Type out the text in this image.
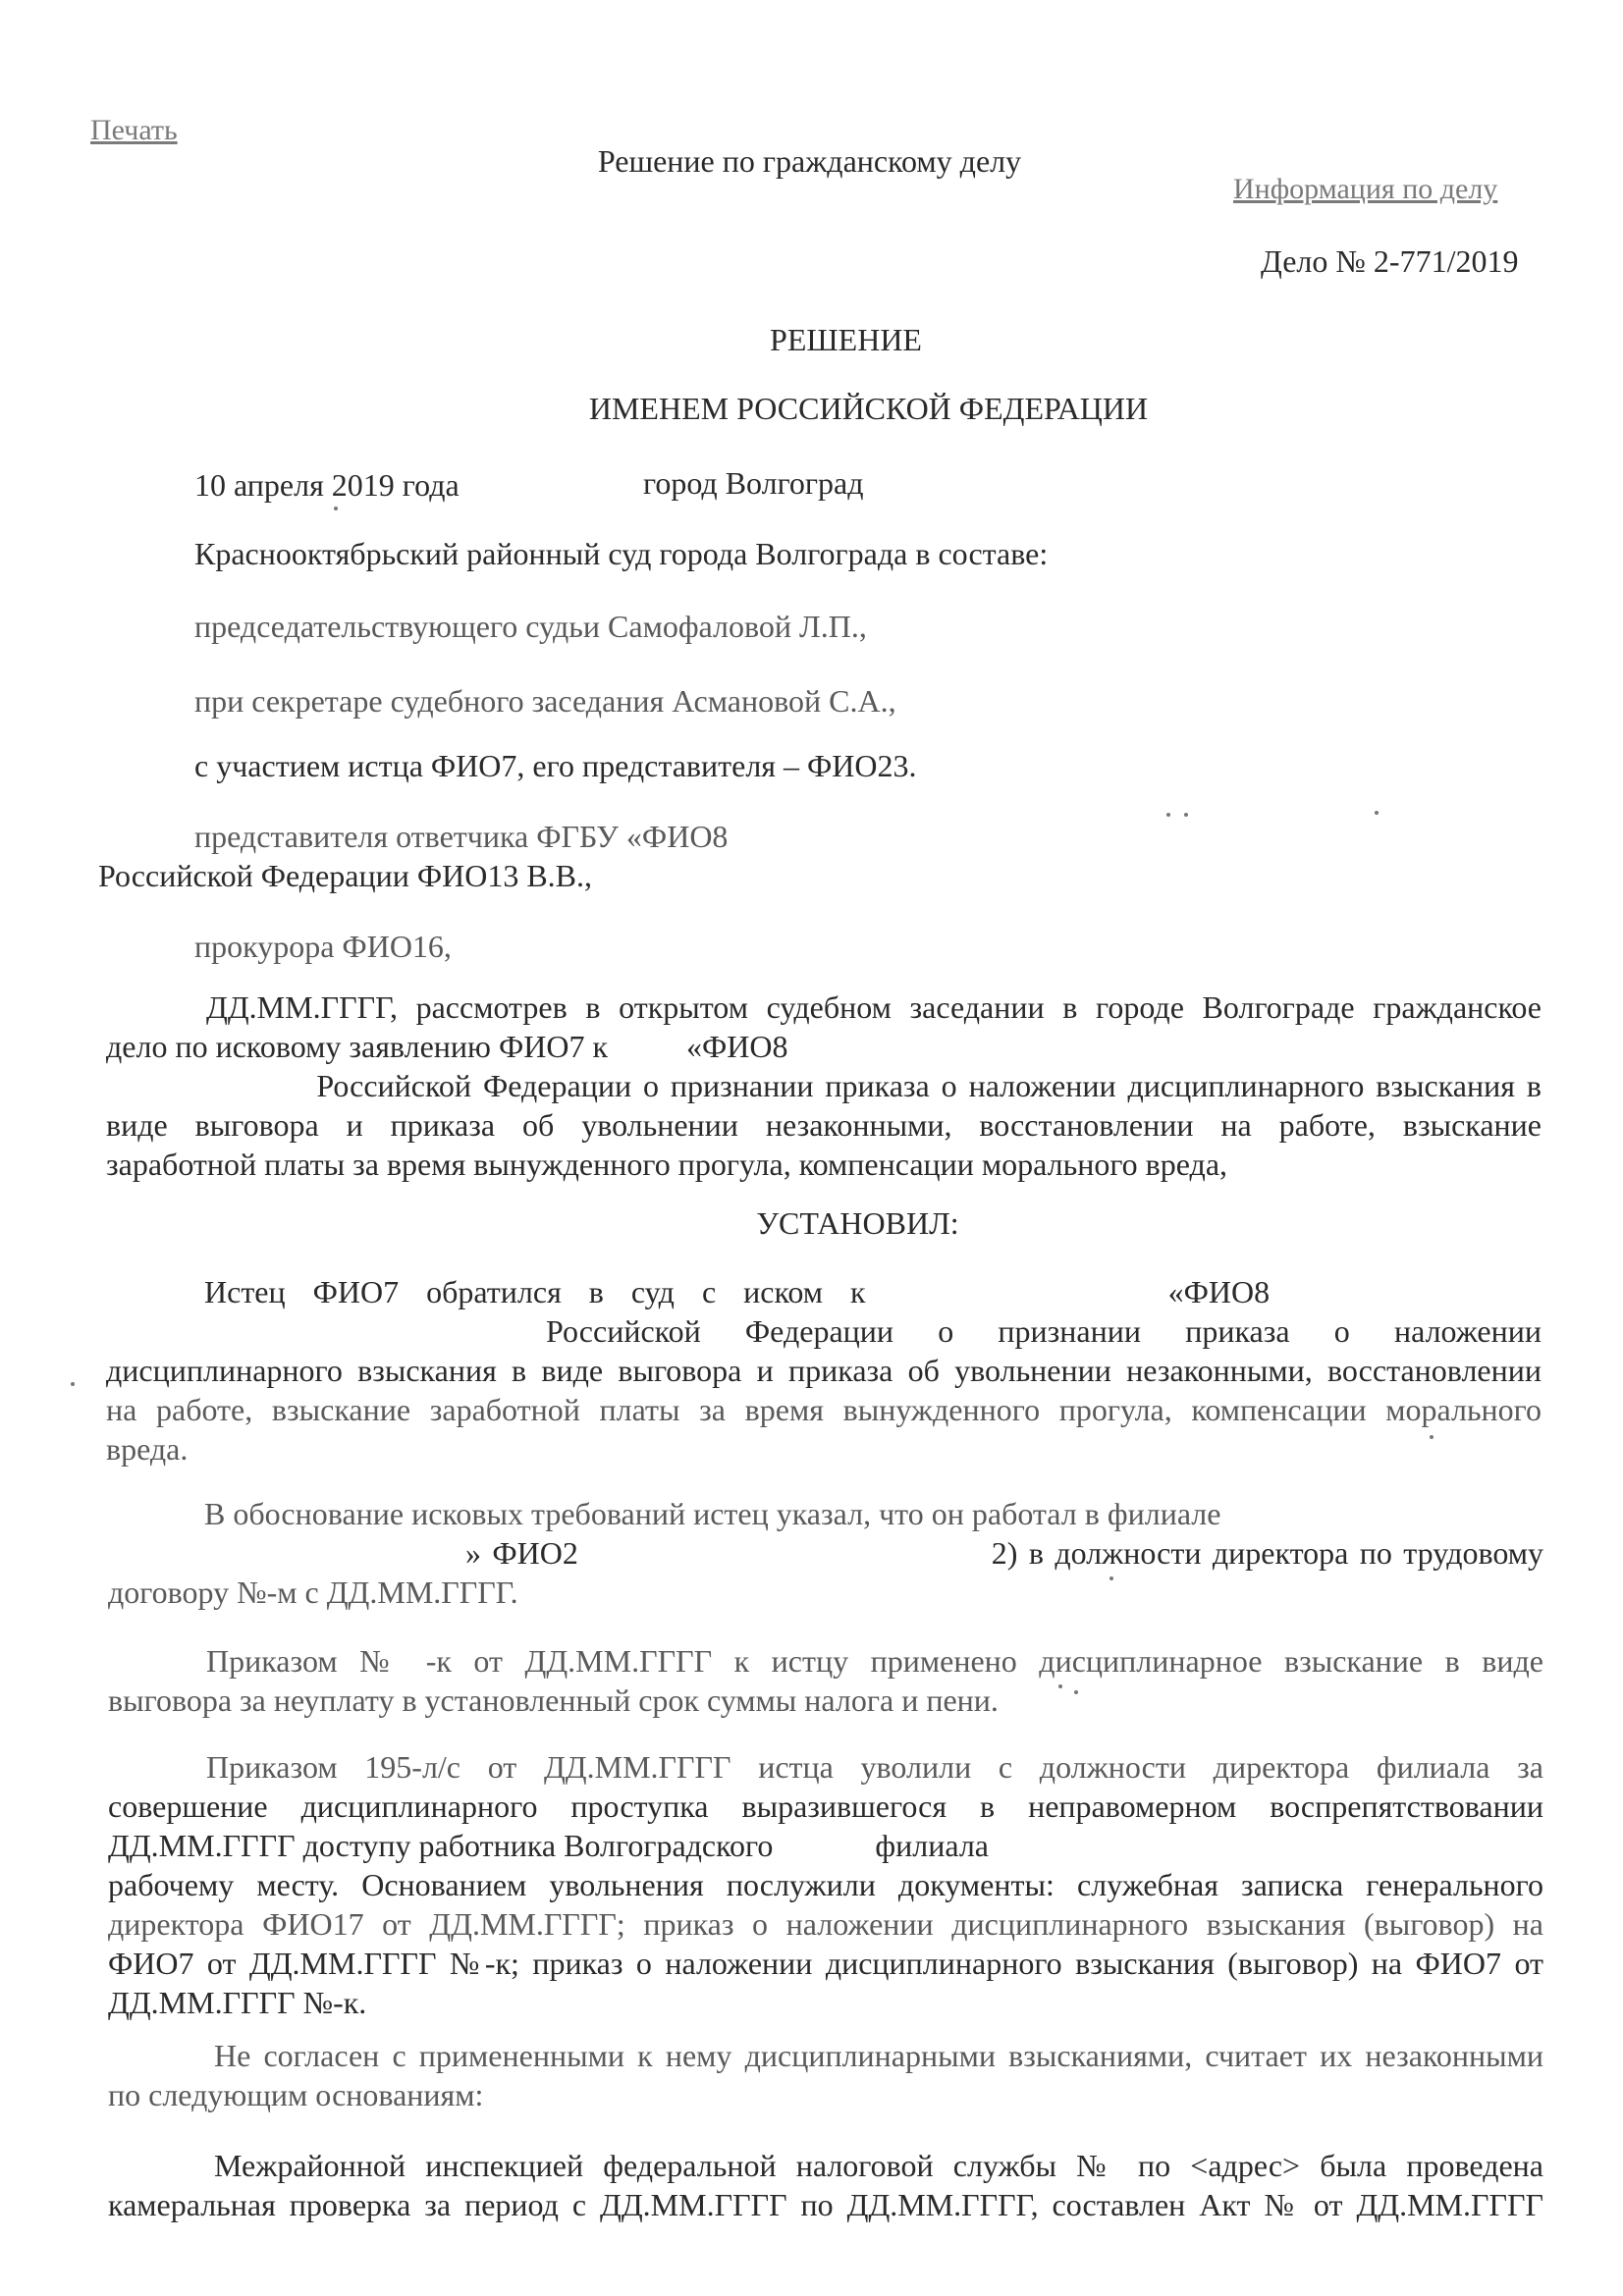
Печать
Решение по гражданскому делу
Информация по делу
Дело № 2-771/2019
РЕШЕНИЕ
ИМЕНЕМ РОССИЙСКОЙ ФЕДЕРАЦИИ
10 апреля 2019 года	город Волгоград
Краснооктябрьский районный суд города Волгограда в составе:
председательствующего судьи Самофаловой Л.П.,
при секретаре судебного заседания Асмановой С.А.,
с участием истца ФИО7, его представителя – ФИО23.
представителя ответчика ФГБУ «ФИО8
Российской Федерации ФИО13 В.В.,
прокурора ФИО16,
ДД.ММ.ГГГГ, рассмотрев в открытом судебном заседании в городе Волгограде гражданское
дело по исковому заявлению ФИО7 к          «ФИО8
Российской Федерации о признании приказа о наложении дисциплинарного взыскания в
виде выговора и приказа об увольнении незаконными, восстановлении на работе, взыскание
заработной платы за время вынужденного прогула, компенсации морального вреда,
УСТАНОВИЛ:
Истец ФИО7 обратился в суд с иском к           «ФИО8
Российской Федерации о признании приказа о наложении
дисциплинарного взыскания в виде выговора и приказа об увольнении незаконными, восстановлении
на работе, взыскание заработной платы за время вынужденного прогула, компенсации морального
вреда.
В обоснование исковых требований истец указал, что он работал в филиале
» ФИО2                                     2) в должности директора по трудовому
договору №-м с ДД.ММ.ГГГГ.
Приказом № -к от ДД.ММ.ГГГГ к истцу применено дисциплинарное взыскание в виде
выговора за неуплату в установленный срок суммы налога и пени.
Приказом 195-л/с от ДД.ММ.ГГГГ истца уволили с должности директора филиала за
совершение дисциплинарного проступка выразившегося в неправомерном воспрепятствовании
ДД.ММ.ГГГГ доступу работника Волгоградского             филиала
рабочему месту. Основанием увольнения послужили документы: служебная записка генерального
директора ФИО17 от ДД.ММ.ГГГГ; приказ о наложении дисциплинарного взыскания (выговор) на
ФИО7 от ДД.ММ.ГГГГ №-к; приказ о наложении дисциплинарного взыскания (выговор) на ФИО7 от
ДД.ММ.ГГГГ №-к.
Не согласен с примененными к нему дисциплинарными взысканиями, считает их незаконными
по следующим основаниям:
Межрайонной инспекцией федеральной налоговой службы № по <адрес> была проведена
камеральная проверка за период с ДД.ММ.ГГГГ по ДД.ММ.ГГГГ, составлен Акт № от ДД.ММ.ГГГГ
